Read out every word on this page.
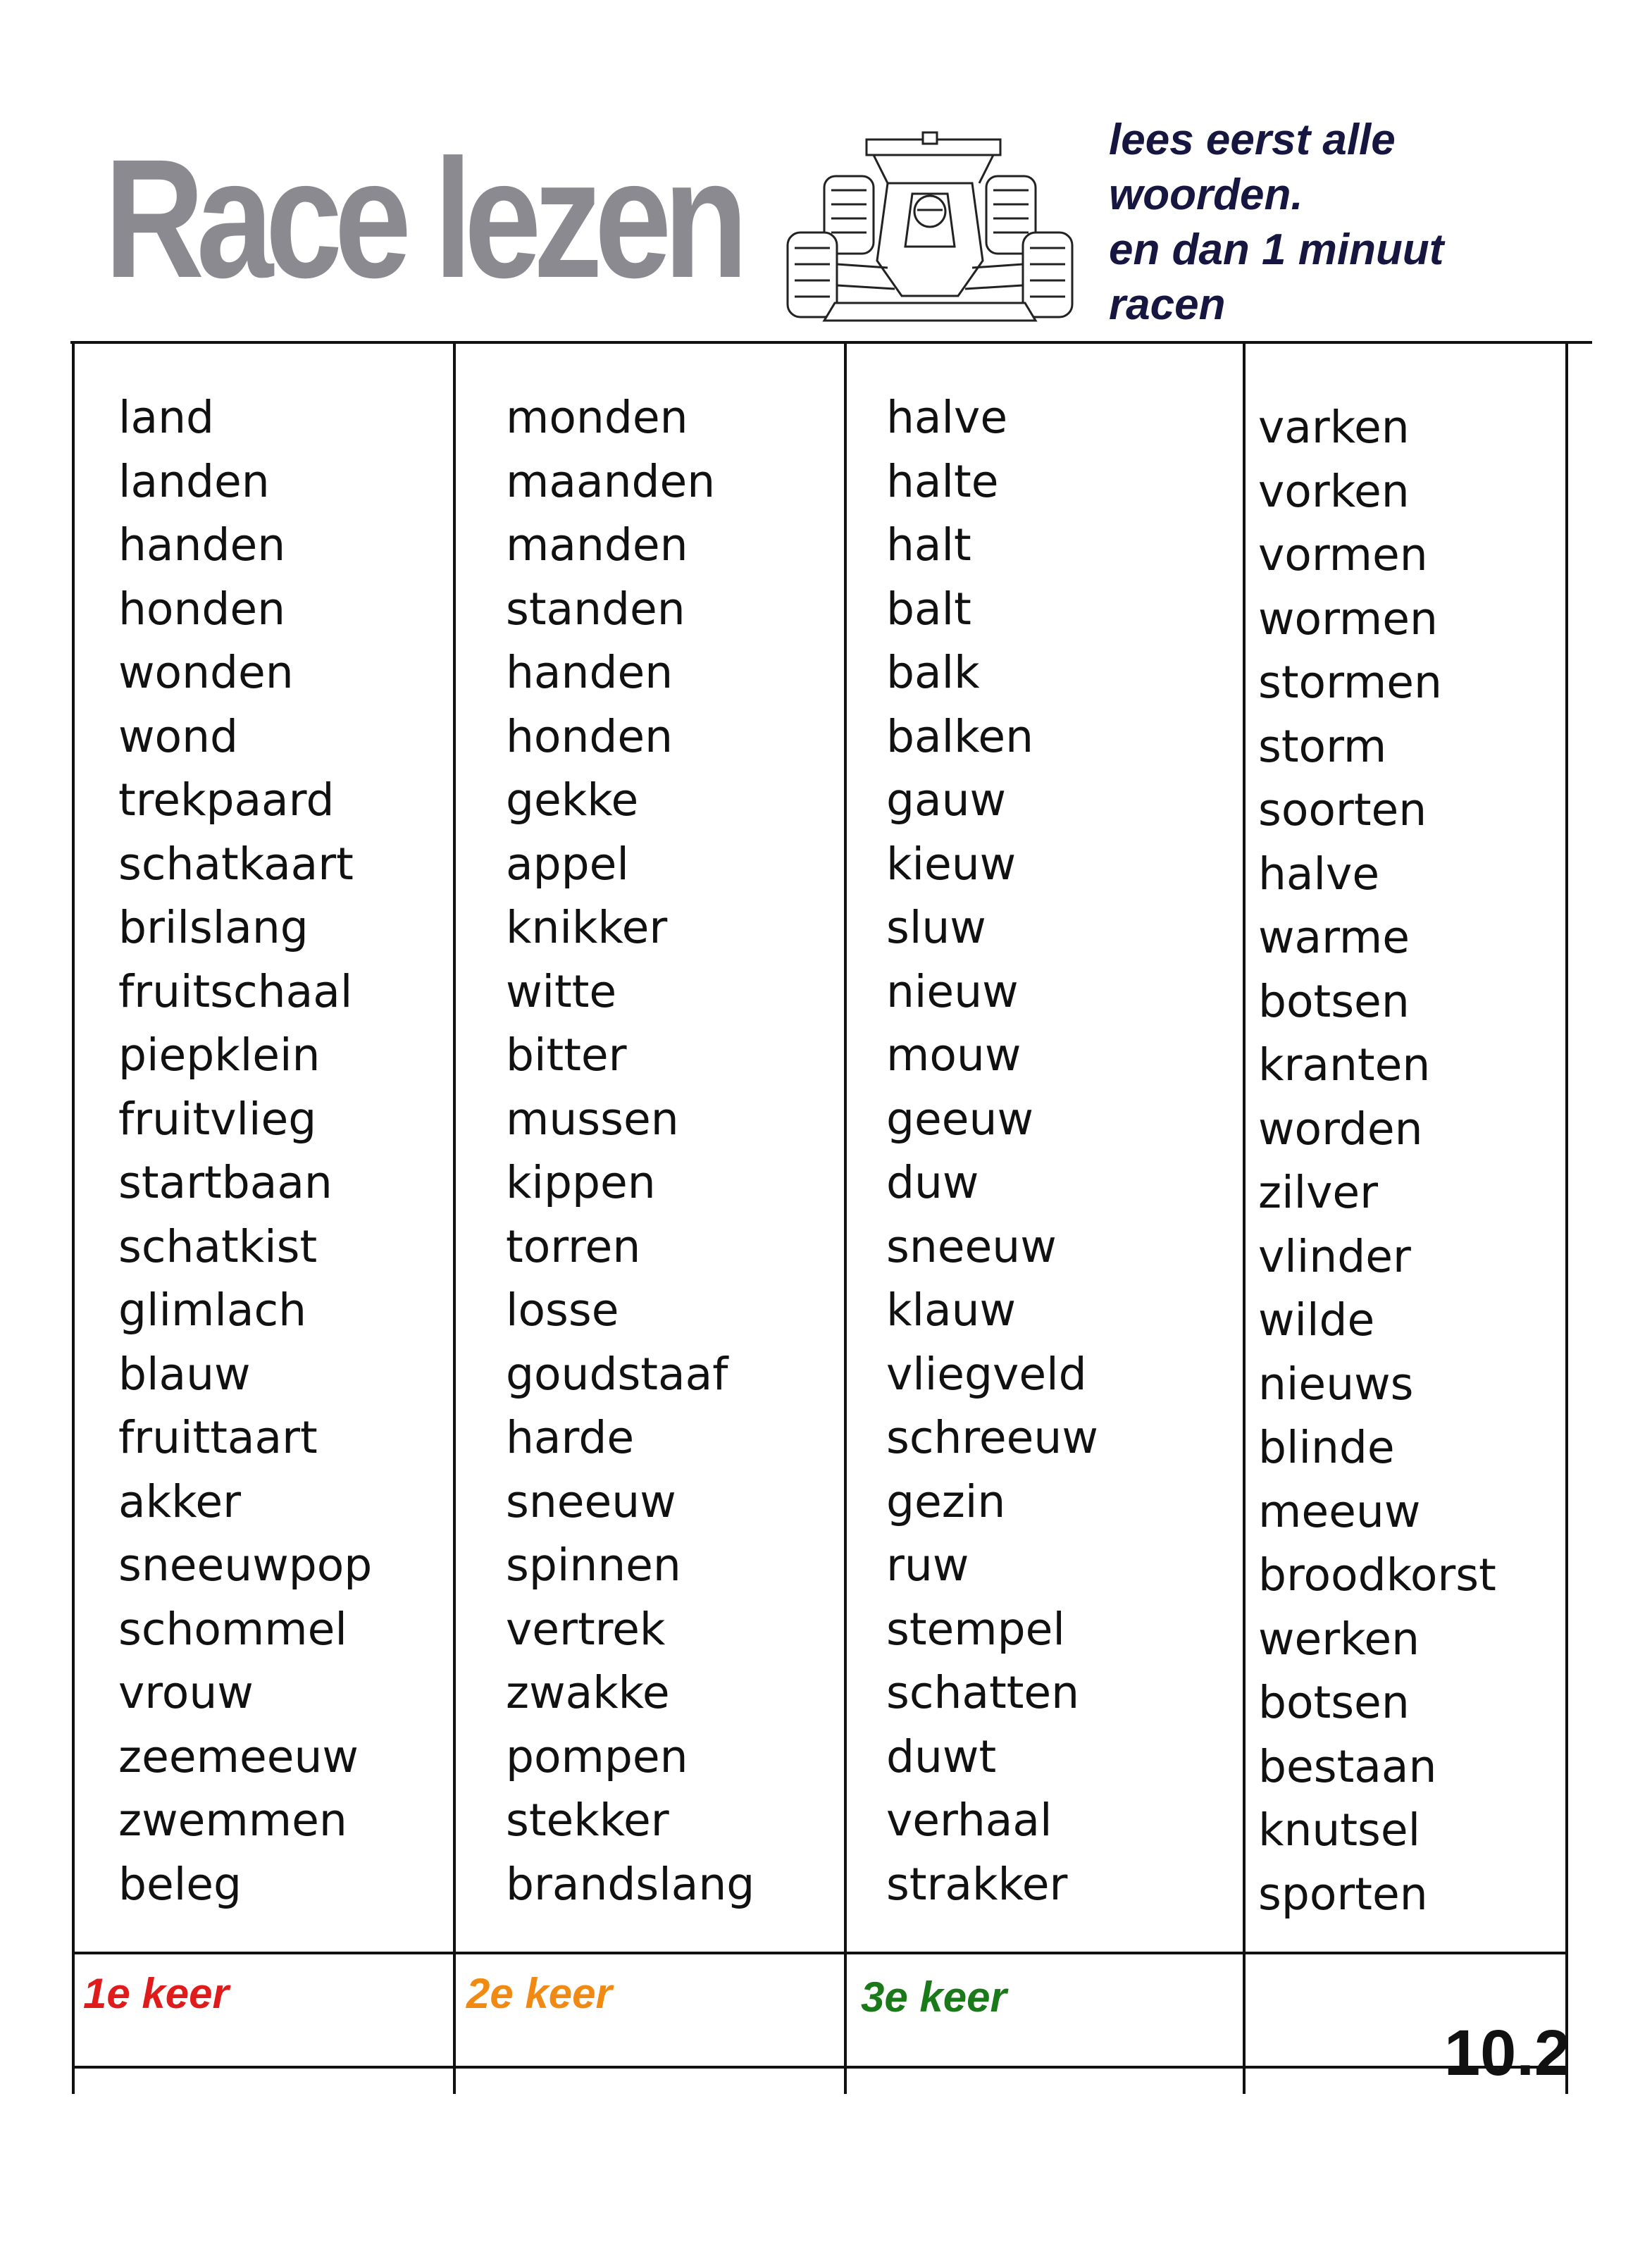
Race lezen	lees eerst alle
woorden.
en dan 1 minuut
racen
land
landen
handen
honden
wonden
wond
trekpaard
schatkaart
brilslang
fruitschaal
piepklein
fruitvlieg
startbaan
schatkist
glimlach
blauw
fruittaart
akker
sneeuwpop
schommel
vrouw
zeemeeuw
zwemmen
beleg
monden
maanden
manden
standen
handen
honden
gekke
appel
knikker
witte
bitter
mussen
kippen
torren
losse
goudstaaf
harde
sneeuw
spinnen
vertrek
zwakke
pompen
stekker
brandslang
halve
halte
halt
balt
balk
balken
gauw
kieuw
sluw
nieuw
mouw
geeuw
duw
sneeuw
klauw
vliegveld
schreeuw
gezin
ruw
stempel
schatten
duwt
verhaal
strakker
varken
vorken
vormen
wormen
stormen
storm
soorten
halve
warme
botsen
kranten
worden
zilver
vlinder
wilde
nieuws
blinde
meeuw
broodkorst
werken
botsen
bestaan
knutsel
sporten
1e keer	2e keer	3e keer
10.2
